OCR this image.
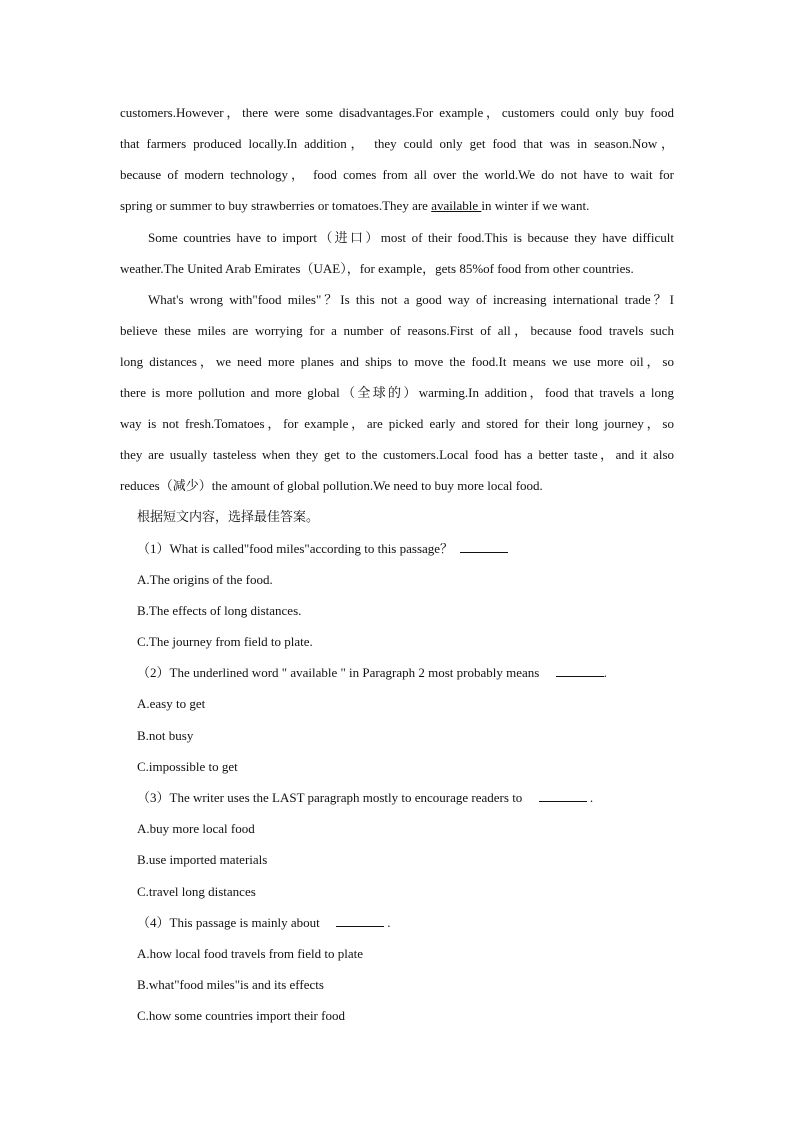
customers.However，there were some disadvantages.For example，customers could only buy food
that farmers produced locally.In addition， they could only get food that was in season.Now，
because of modern technology， food comes from all over the world.We do not have to wait for
spring or summer to buy strawberries or tomatoes.They are available in winter if we want.
Some countries have to import（进口）most of their food.This is because they have difficult
weather.The United Arab Emirates（UAE），for example，gets 85%of food from other countries.
What's wrong with"food miles"？Is this not a good way of increasing international trade？I
believe these miles are worrying for a number of reasons.First of all，because food travels such
long distances，we need more planes and ships to move the food.It means we use more oil，so
there is more pollution and more global（全球的）warming.In addition，food that travels a long
way is not fresh.Tomatoes，for example，are picked early and stored for their long journey，so
they are usually tasteless when they get to the customers.Local food has a better taste，and it also
reduces（减少）the amount of global pollution.We need to buy more local food.

根据短文内容，选择最佳答案。

（1）What is called"food miles"according to this passage？

A.The origins of the food.

B.The effects of long distances.

C.The journey from field to plate.

（2）The underlined word " available " in Paragraph 2 most probably means	.

A.easy to get

B.not busy

C.impossible to get

（3）The writer uses the LAST paragraph mostly to encourage readers to	.

A.buy more local food

B.use imported materials

C.travel long distances

（4）This passage is mainly about	.

A.how local food travels from field to plate

B.what"food miles"is and its effects

C.how some countries import their food
